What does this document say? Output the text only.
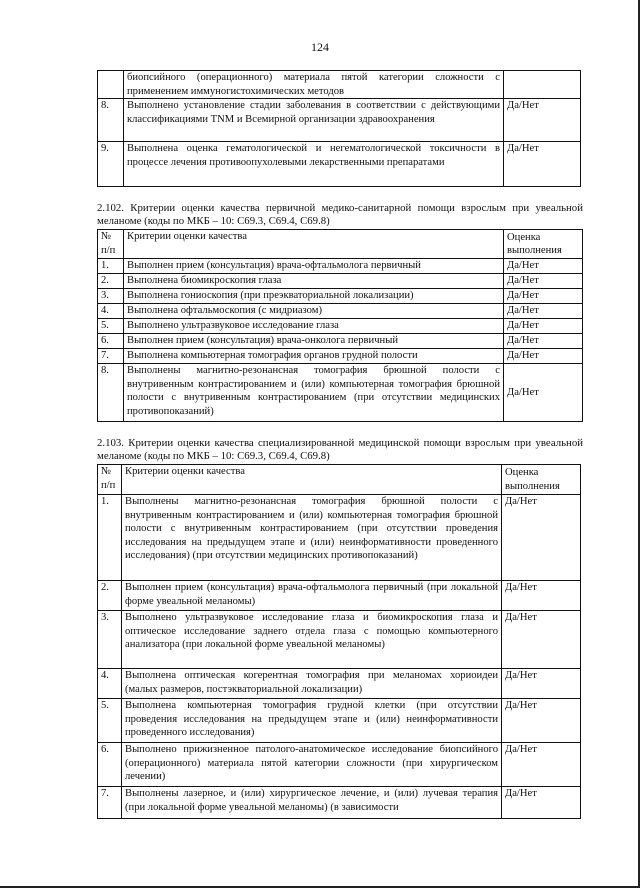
124
	биопсийного (операционного) материала пятой категории сложности с применением иммуногистохимических методов	
8.	Выполнено установление стадии заболевания в соответствии с действующими классификациями TNM и Всемирной организации здравоохранения	Да/Нет
9.	Выполнена оценка гематологической и негематологической токсичности в процессе лечения противоопухолевыми лекарственными препаратами	Да/Нет
2.102. Критерии оценки качества первичной медико-санитарной помощи взрослым при увеальной меланоме (коды по МКБ – 10: С69.3, С69.4, С69.8)
№ п/п	Критерии оценки качества	Оценка выполнения
1.	Выполнен прием (консультация) врача-офтальмолога первичный	Да/Нет
2.	Выполнена биомикроскопия глаза	Да/Нет
3.	Выполнена гониоскопия (при преэкваториальной локализации)	Да/Нет
4.	Выполнена офтальмоскопия (с мидриазом)	Да/Нет
5.	Выполнено ультразвуковое исследование глаза	Да/Нет
6.	Выполнен прием (консультация) врача-онколога первичный	Да/Нет
7.	Выполнена компьютерная томография органов грудной полости	Да/Нет
8.	Выполнены магнитно-резонансная томография брюшной полости с внутривенным контрастированием и (или) компьютерная томография брюшной полости с внутривенным контрастированием (при отсутствии медицинских противопоказаний)	Да/Нет
2.103. Критерии оценки качества специализированной медицинской помощи взрослым при увеальной меланоме (коды по МКБ – 10: С69.3, С69.4, С69.8)
№ п/п	Критерии оценки качества	Оценка выполнения
1.	Выполнены магнитно-резонансная томография брюшной полости с внутривенным контрастированием и (или) компьютерная томография брюшной полости с внутривенным контрастированием (при отсутствии проведения исследования на предыдущем этапе и (или) неинформативности проведенного исследования) (при отсутствии медицинских противопоказаний)	Да/Нет
2.	Выполнен прием (консультация) врача-офтальмолога первичный (при локальной форме увеальной меланомы)	Да/Нет
3.	Выполнено ультразвуковое исследование глаза и биомикроскопия глаза и оптическое исследование заднего отдела глаза с помощью компьютерного анализатора (при локальной форме увеальной меланомы)	Да/Нет
4.	Выполнена оптическая когерентная томография при меланомах хориоидеи (малых размеров, постэкваториальной локализации)	Да/Нет
5.	Выполнена компьютерная томография грудной клетки (при отсутствии проведения исследования на предыдущем этапе и (или) неинформативности проведенного исследования)	Да/Нет
6.	Выполнено прижизненное патолого-анатомическое исследование биопсийного (операционного) материала пятой категории сложности (при хирургическом лечении)	Да/Нет
7.	Выполнены лазерное, и (или) хирургическое лечение, и (или) лучевая терапия (при локальной форме увеальной меланомы) (в зависимости	Да/Нет
